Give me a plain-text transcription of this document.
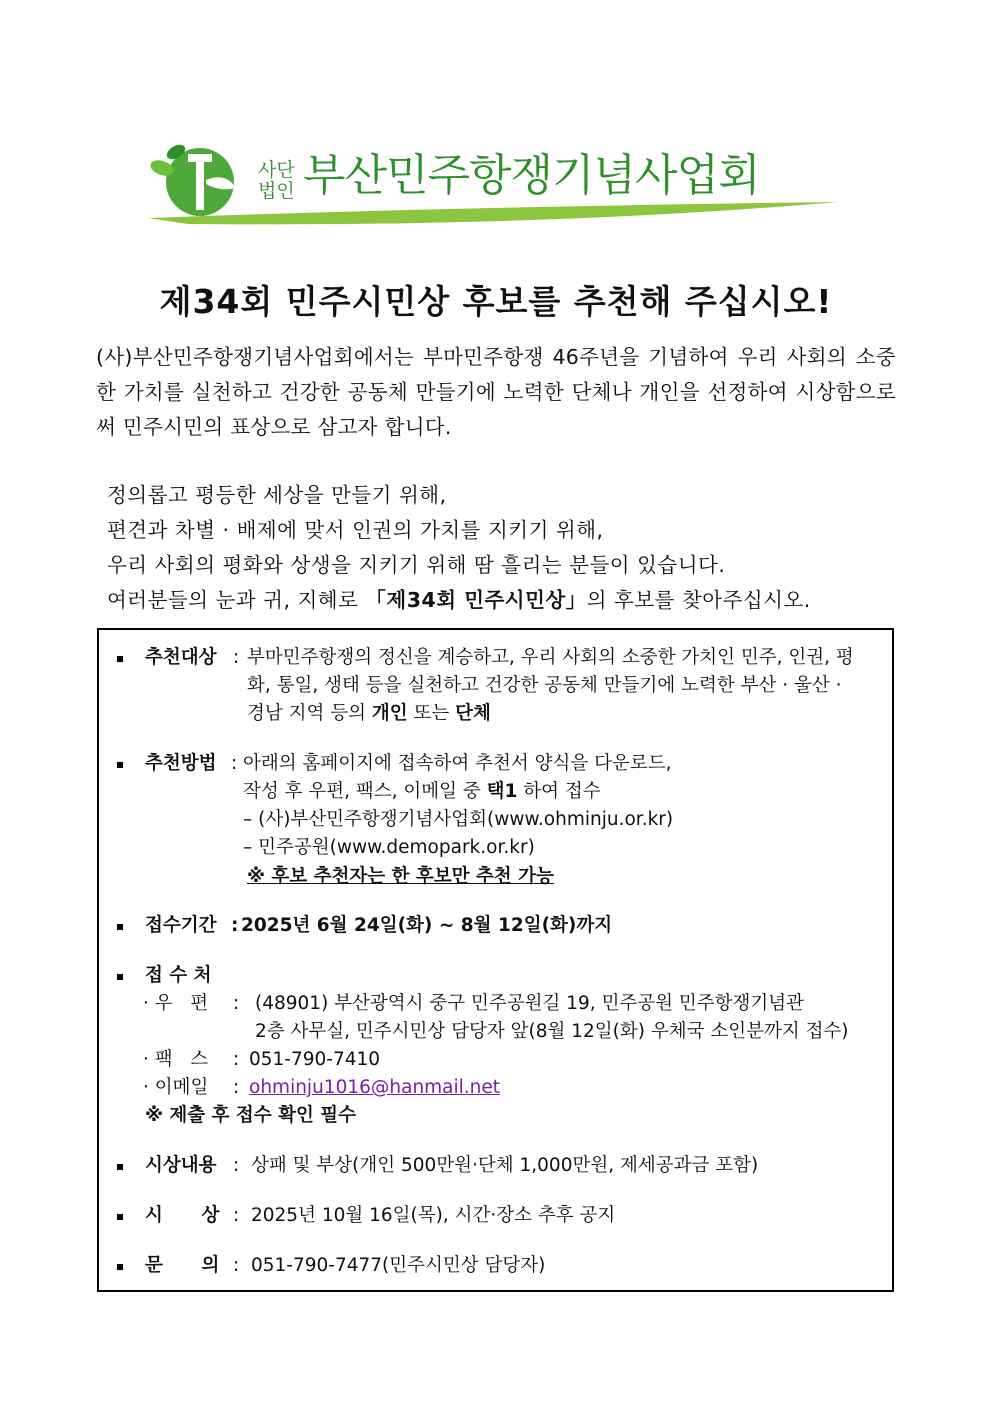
사단
법인 부산민주항쟁기념사업회
제34회 민주시민상 후보를 추천해 주십시오!
(사)부산민주항쟁기념사업회에서는 부마민주항쟁 46주년을 기념하여 우리 사회의 소중한 가치를 실천하고 건강한 공동체 만들기에 노력한 단체나 개인을 선정하여 시상함으로써 민주시민의 표상으로 삼고자 합니다.
정의롭고 평등한 세상을 만들기 위해,
편견과 차별 · 배제에 맞서 인권의 가치를 지키기 위해,
우리 사회의 평화와 상생을 지키기 위해 땀 흘리는 분들이 있습니다.
여러분들의 눈과 귀, 지혜로 「제34회 민주시민상」의 후보를 찾아주십시오.
추천대상 : 부마민주항쟁의 정신을 계승하고, 우리 사회의 소중한 가치인 민주, 인권, 평
화, 통일, 생태 등을 실천하고 건강한 공동체 만들기에 노력한 부산 · 울산 ·
경남 지역 등의 개인 또는 단체
추천방법 : 아래의 홈페이지에 접속하여 추천서 양식을 다운로드,
작성 후 우편, 팩스, 이메일 중 택1 하여 접수
– (사)부산민주항쟁기념사업회(www.ohminju.or.kr)
– 민주공원(www.demopark.or.kr)
※ 후보 추천자는 한 후보만 추천 가능
접수기간 : 2025년 6월 24일(화) ~ 8월 12일(화)까지
접 수 처
· 우   편 : (48901) 부산광역시 중구 민주공원길 19, 민주공원 민주항쟁기념관
2층 사무실, 민주시민상 담당자 앞(8월 12일(화) 우체국 소인분까지 접수)
· 팩   스 : 051-790-7410
· 이메일 : ohminju1016@hanmail.net
※ 제출 후 접수 확인 필수
시상내용 : 상패 및 부상(개인 500만원·단체 1,000만원, 제세공과금 포함)
시      상 : 2025년 10월 16일(목), 시간·장소 추후 공지
문      의 : 051-790-7477(민주시민상 담당자)
